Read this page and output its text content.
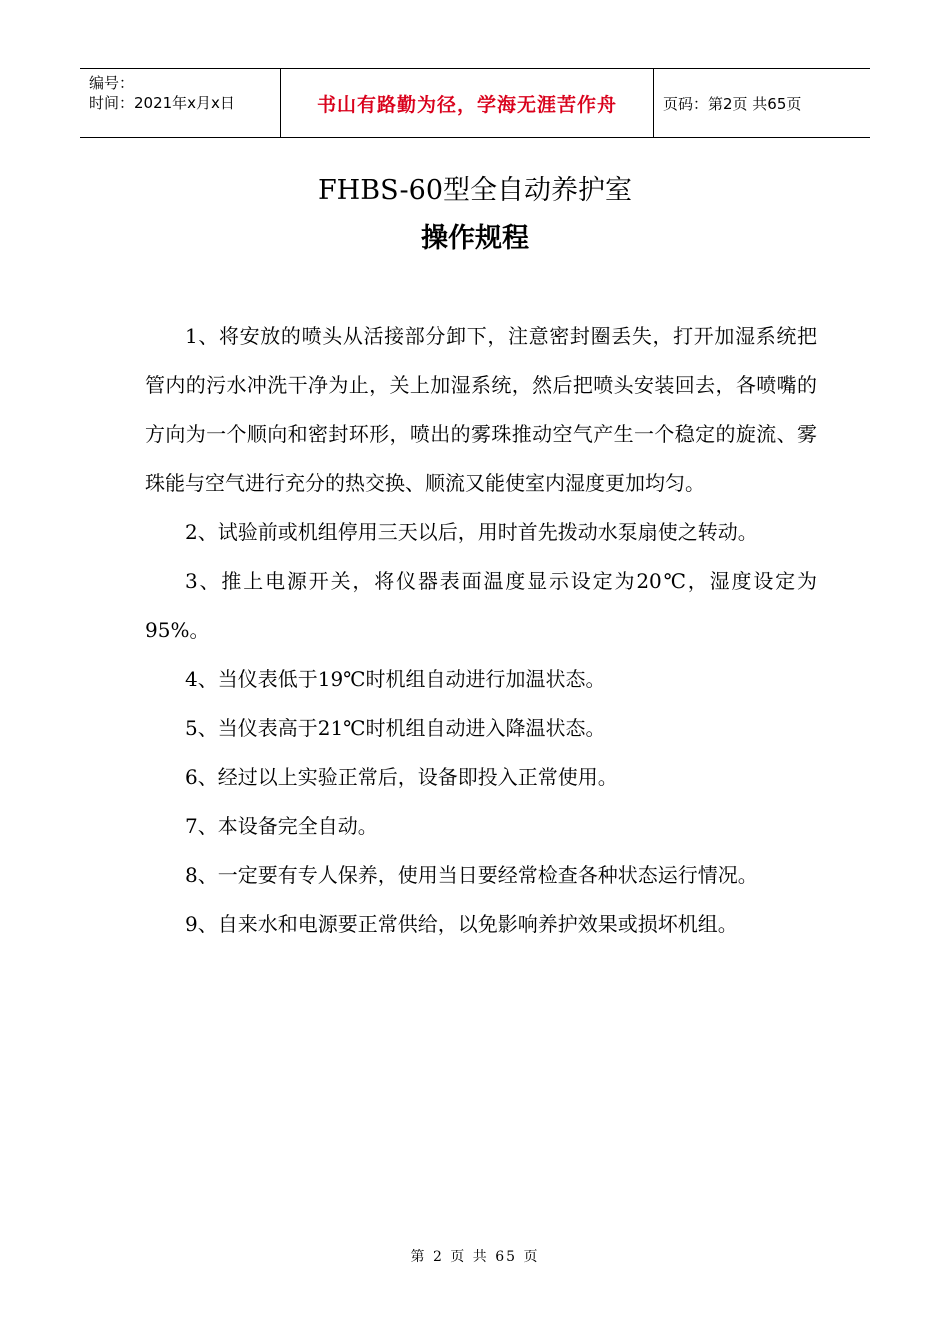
编号：
时间：2021年x月x日	书山有路勤为径，学海无涯苦作舟	页码：第2页 共65页
FHBS-60型全自动养护室
操作规程

1、将安放的喷头从活接部分卸下，注意密封圈丢失，打开加湿系统把管内的污水冲洗干净为止，关上加湿系统，然后把喷头安装回去，各喷嘴的方向为一个顺向和密封环形，喷出的雾珠推动空气产生一个稳定的旋流、雾珠能与空气进行充分的热交换、顺流又能使室内湿度更加均匀。

2、试验前或机组停用三天以后，用时首先拨动水泵扇使之转动。

3、推上电源开关，将仪器表面温度显示设定为20℃，湿度设定为95%。

4、当仪表低于19℃时机组自动进行加温状态。

5、当仪表高于21℃时机组自动进入降温状态。

6、经过以上实验正常后，设备即投入正常使用。

7、本设备完全自动。

8、一定要有专人保养，使用当日要经常检查各种状态运行情况。

9、自来水和电源要正常供给，以免影响养护效果或损坏机组。

第 2 页 共 65 页
